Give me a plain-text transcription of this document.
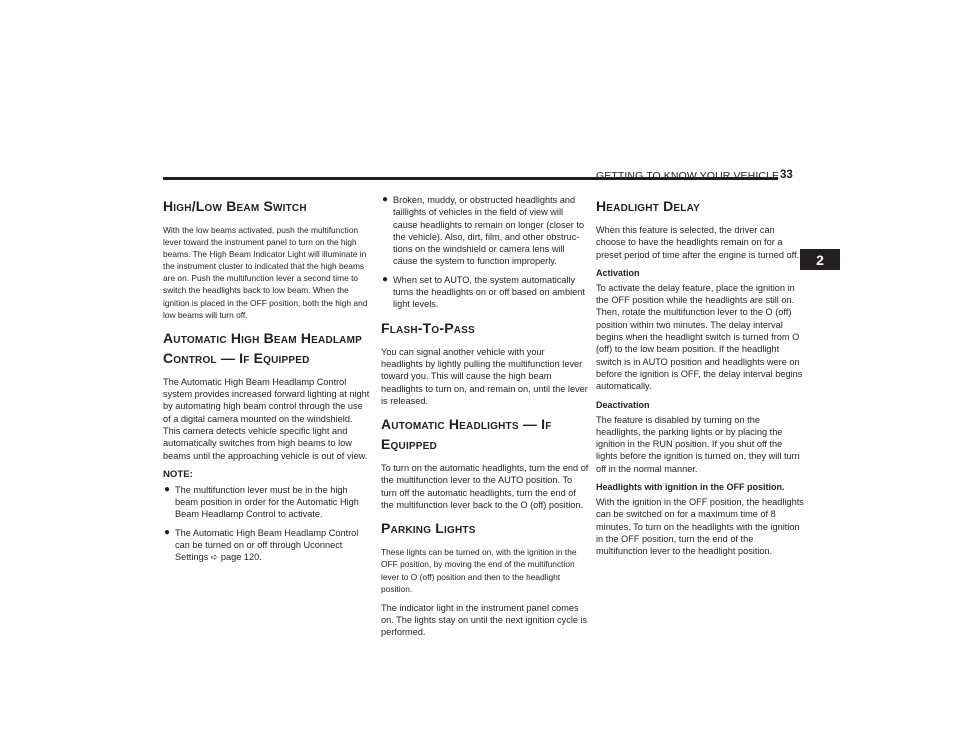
GETTING TO KNOW YOUR VEHICLE 33
2
High/Low Beam Switch

With the low beams activated, push the multifunction lever toward the instrument panel to turn on the high beams. The High Beam Indicator Light will illuminate in the instrument cluster to indicated that the high beams are on. Push the multifunction lever a second time to switch the headlights back to low beam. When the ignition is placed in the OFF position, both the high and low beams will turn off.

Automatic High Beam Headlamp Control — If Equipped

The Automatic High Beam Headlamp Control system provides increased forward lighting at night by automating high beam control through the use of a digital camera mounted on the windshield. This camera detects vehicle specific light and automatically switches from high beams to low beams until the approaching vehicle is out of view.

NOTE:
● The multifunction lever must be in the high beam position in order for the Automatic High Beam Headlamp Control to activate.
● The Automatic High Beam Headlamp Control can be turned on or off through Uconnect Settings ➪ page 120.
● Broken, muddy, or obstructed headlights and taillights of vehicles in the field of view will cause headlights to remain on longer (closer to the vehicle). Also, dirt, film, and other obstruc-tions on the windshield or camera lens will cause the system to function improperly.
● When set to AUTO, the system automatically turns the headlights on or off based on ambient light levels.
Flash-To-Pass

You can signal another vehicle with your headlights by lightly pulling the multifunction lever toward you. This will cause the high beam headlights to turn on, and remain on, until the lever is released.

Automatic Headlights — If Equipped

To turn on the automatic headlights, turn the end of the multifunction lever to the AUTO position. To turn off the automatic headlights, turn the end of the multifunction lever back to the O (off) position.

Parking Lights

These lights can be turned on, with the ignition in the OFF position, by moving the end of the multifunction lever to O (off) position and then to the headlight position.

The indicator light in the instrument panel comes on. The lights stay on until the next ignition cycle is performed.

Headlight Delay

When this feature is selected, the driver can choose to have the headlights remain on for a preset period of time after the engine is turned off.

Activation

To activate the delay feature, place the ignition in the OFF position while the headlights are still on. Then, rotate the multifunction lever to the O (off) position within two minutes. The delay interval begins when the headlight switch is turned from O (off) to the low beam position. If the headlight switch is in AUTO position and headlights were on before the ignition is OFF, the delay interval begins automatically.

Deactivation

The feature is disabled by turning on the headlights, the parking lights or by placing the ignition in the RUN position. If you shut off the lights before the ignition is turned on, they will turn off in the normal manner.

Headlights with ignition in the OFF position.

With the ignition in the OFF position, the headlights can be switched on for a maximum time of 8 minutes. To turn on the headlights with the ignition in the OFF position, turn the end of the multifunction lever to the headlight position.
